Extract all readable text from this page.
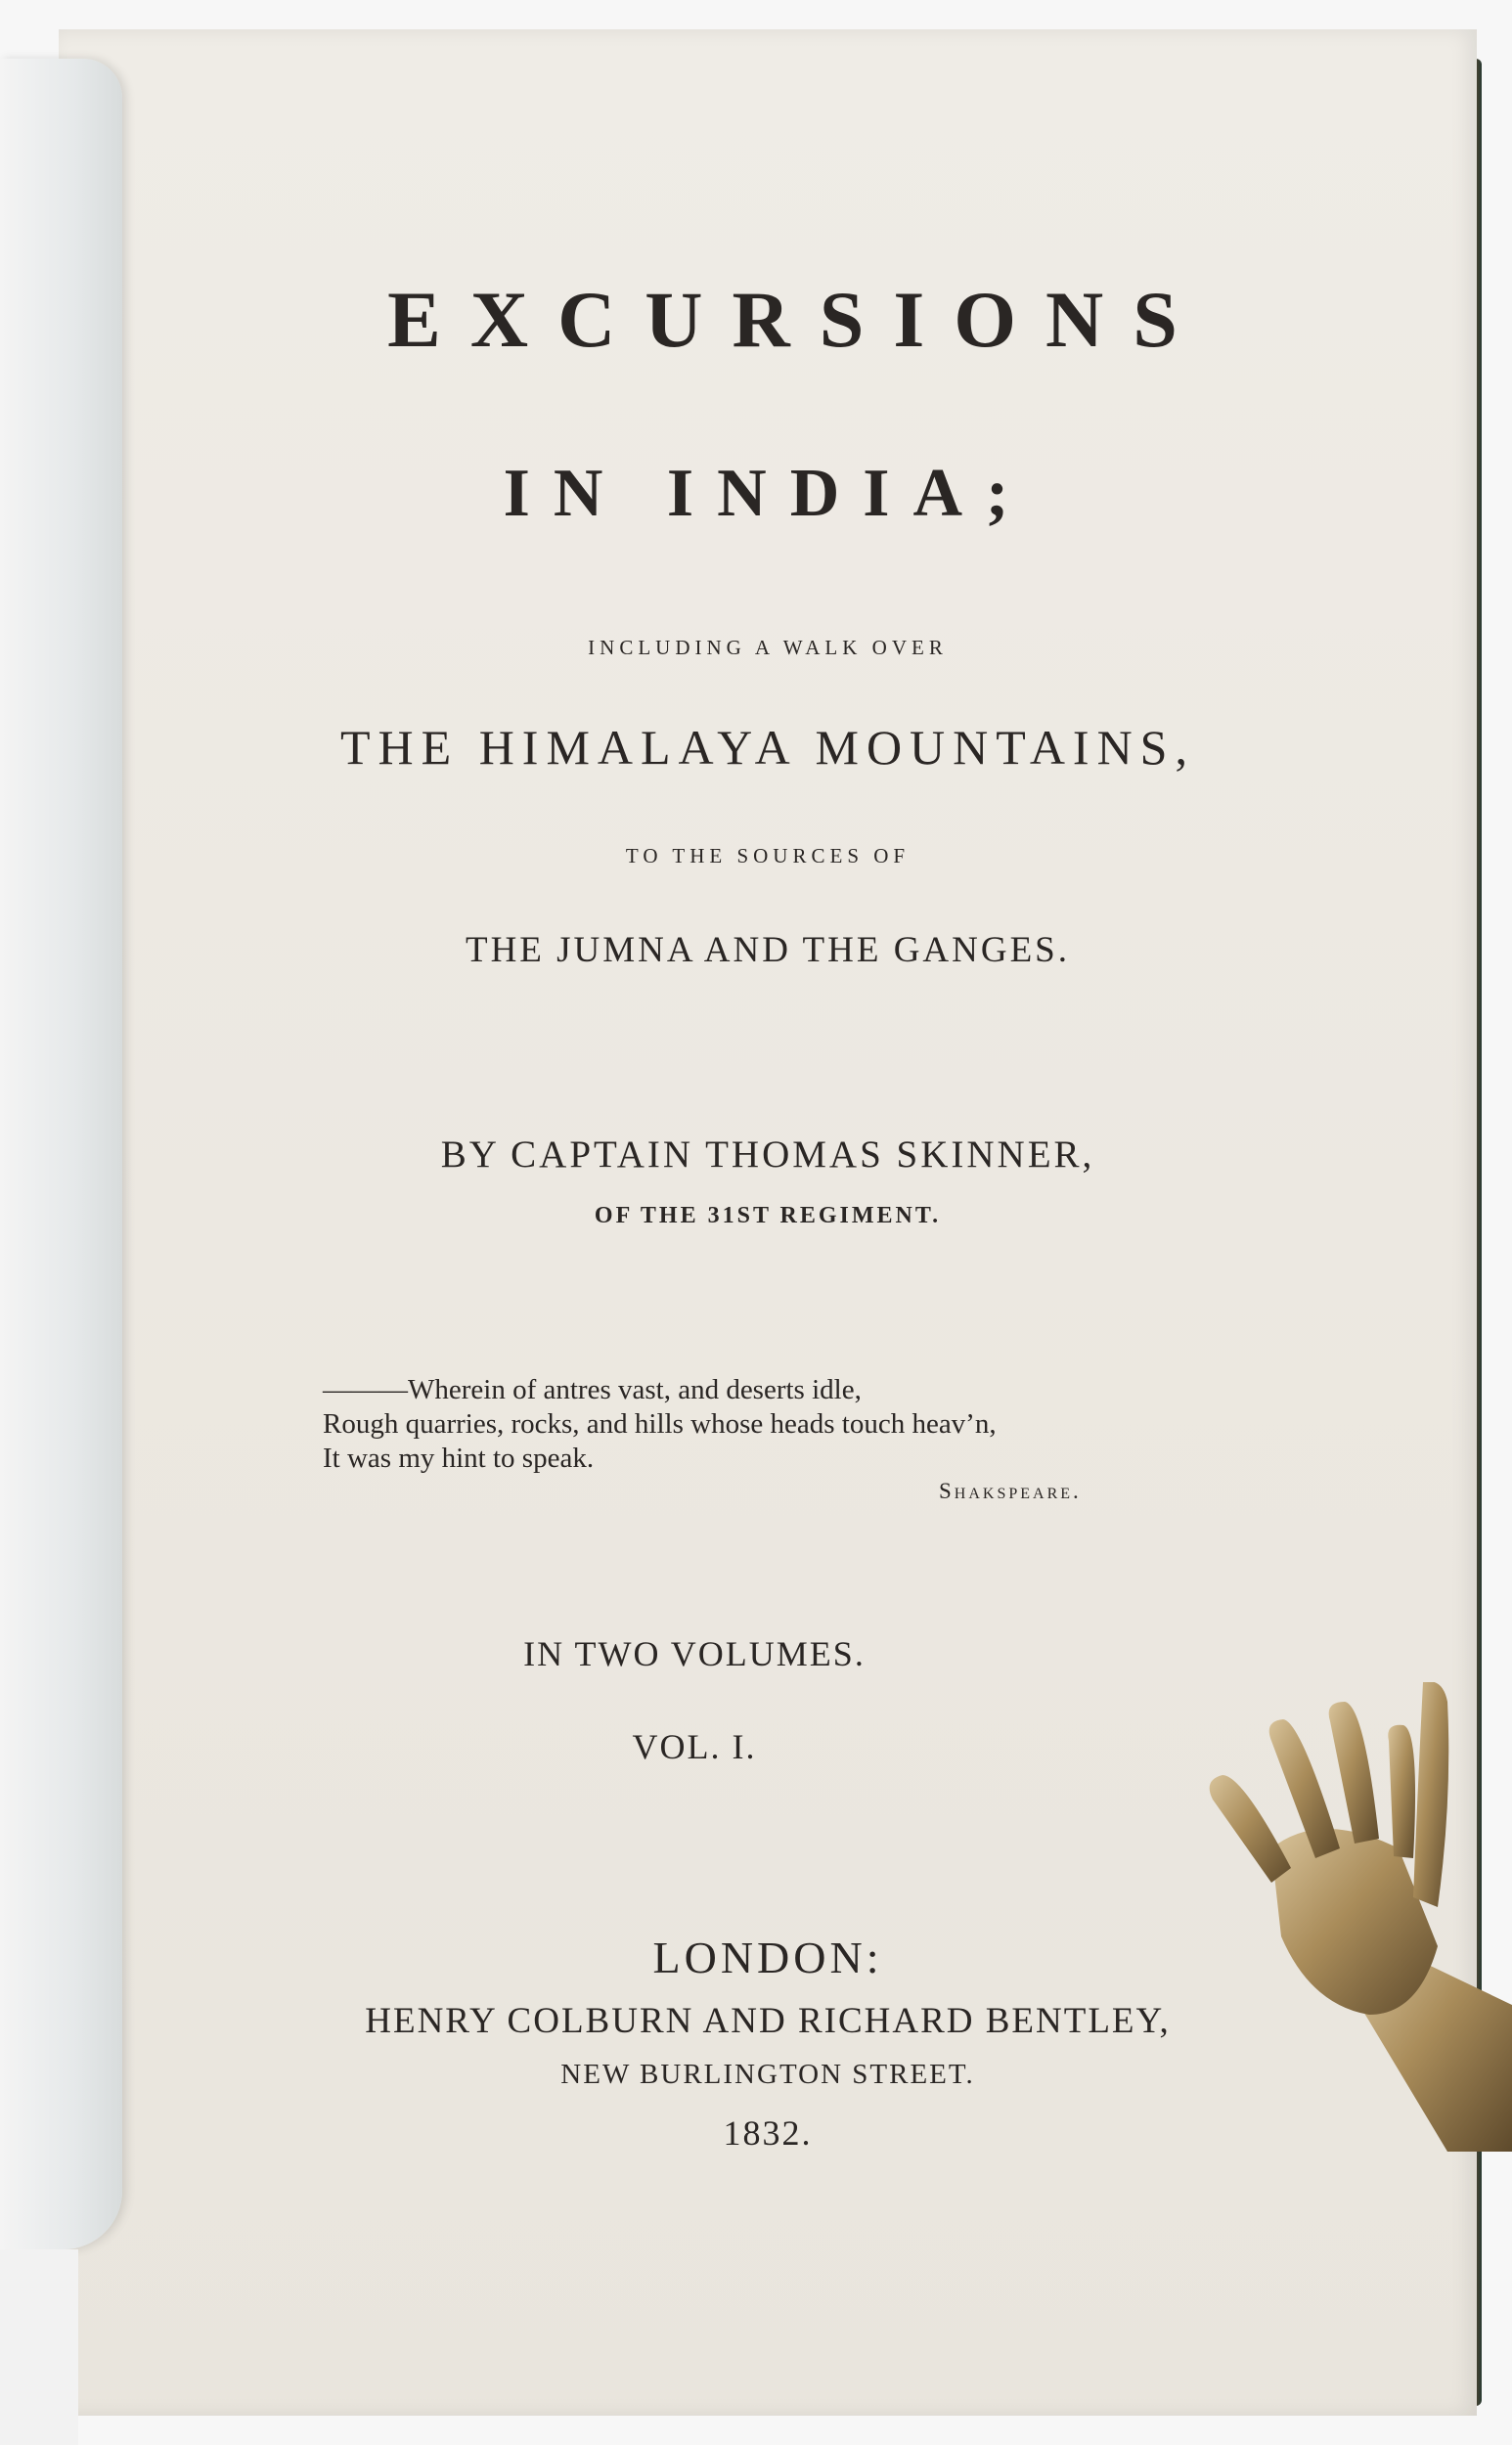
EXCURSIONS
IN INDIA;
INCLUDING A WALK OVER
THE HIMALAYA MOUNTAINS,
TO THE SOURCES OF
THE JUMNA AND THE GANGES.
BY CAPTAIN THOMAS SKINNER,
OF THE 31ST REGIMENT.
———Wherein of antres vast, and deserts idle,
Rough quarries, rocks, and hills whose heads touch heav’n,
It was my hint to speak.
Shakspeare.
IN TWO VOLUMES.
VOL. I.
LONDON:
HENRY COLBURN AND RICHARD BENTLEY,
NEW BURLINGTON STREET.
1832.
